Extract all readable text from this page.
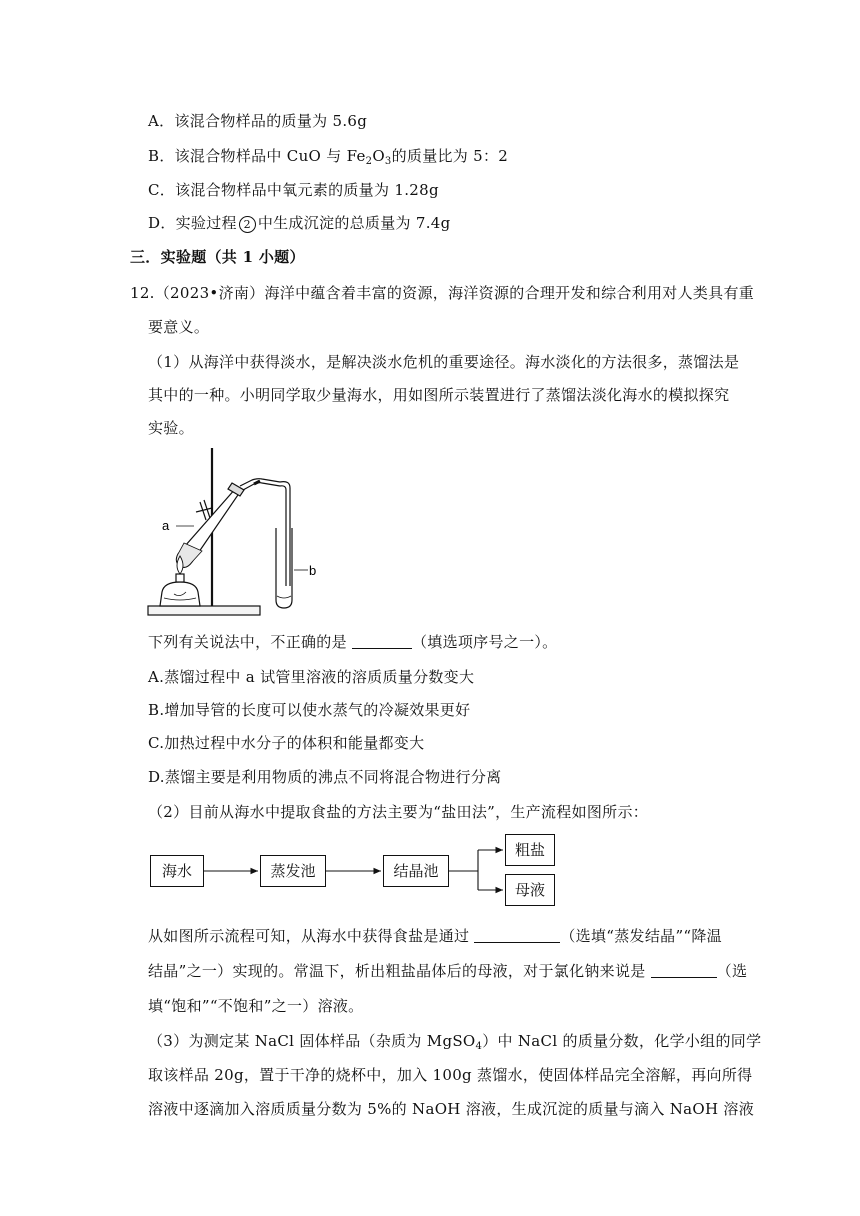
A．该混合物样品的质量为 5.6g
B．该混合物样品中 CuO 与 $Fe_2O_3$的质量比为 5：2
C．该混合物样品中氧元素的质量为 1.28g
D．实验过程 2 中生成沉淀的总质量为 7.4g
三．实验题（共 1 小题）
12.（2023•济南）海洋中蕴含着丰富的资源，海洋资源的合理开发和综合利用对人类具有重
要意义。
（1）从海洋中获得淡水，是解决淡水危机的重要途径。海水淡化的方法很多，蒸馏法是
其中的一种。小明同学取少量海水，用如图所示装置进行了蒸馏法淡化海水的模拟探究
实验。
a
b
下列有关说法中，不正确的是	（填选项序号之一）。
A.蒸馏过程中 a 试管里溶液的溶质质量分数变大
B.增加导管的长度可以使水蒸气的冷凝效果更好
C.加热过程中水分子的体积和能量都变大
D.蒸馏主要是利用物质的沸点不同将混合物进行分离
（2）目前从海水中提取食盐的方法主要为“盐田法”，生产流程如图所示：
海水	蒸发池	结晶池
粗盐
母液
从如图所示流程可知，从海水中获得食盐是通过	（选填“蒸发结晶”“降温
结晶”之一）实现的。常温下，析出粗盐晶体后的母液，对于氯化钠来说是	（选
填“饱和”“不饱和”之一）溶液。
（3）为测定某 NaCl 固体样品（杂质为 MgSO$_4$）中 NaCl 的质量分数，化学小组的同学
取该样品 20g，置于干净的烧杯中，加入 100g 蒸馏水，使固体样品完全溶解，再向所得
溶液中逐滴加入溶质质量分数为 5%的 NaOH 溶液，生成沉淀的质量与滴入 NaOH 溶液
